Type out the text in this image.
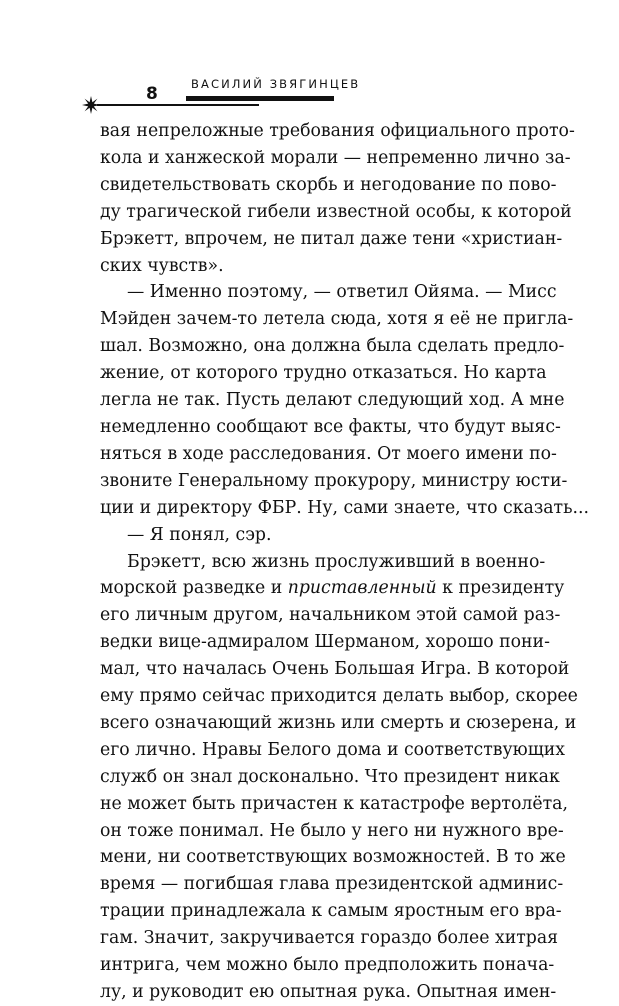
ВАСИЛИЙ ЗВЯГИНЦЕВ
8
вая непреложные требования официального прото-
кола и ханжеской морали — непременно лично за-
свидетельствовать скорбь и негодование по пово-
ду трагической гибели известной особы, к которой
Брэкетт, впрочем, не питал даже тени «христиан-
ских чувств».
— Именно поэтому, — ответил Ойяма. — Мисс
Мэйден зачем-то летела сюда, хотя я её не пригла-
шал. Возможно, она должна была сделать предло-
жение, от которого трудно отказаться. Но карта
легла не так. Пусть делают следующий ход. А мне
немедленно сообщают все факты, что будут выяс-
няться в ходе расследования. От моего имени по-
звоните Генеральному прокурору, министру юсти-
ции и директору ФБР. Ну, сами знаете, что сказать...
— Я понял, сэр.
Брэкетт, всю жизнь прослуживший в военно-
морской разведке и приставленный к президенту
его личным другом, начальником этой самой раз-
ведки вице-адмиралом Шерманом, хорошо пони-
мал, что началась Очень Большая Игра. В которой
ему прямо сейчас приходится делать выбор, скорее
всего означающий жизнь или смерть и сюзерена, и
его лично. Нравы Белого дома и соответствующих
служб он знал досконально. Что президент никак
не может быть причастен к катастрофе вертолёта,
он тоже понимал. Не было у него ни нужного вре-
мени, ни соответствующих возможностей. В то же
время — погибшая глава президентской админис-
трации принадлежала к самым яростным его вра-
гам. Значит, закручивается гораздо более хитрая
интрига, чем можно было предположить понача-
лу, и руководит ею опытная рука. Опытная имен-
